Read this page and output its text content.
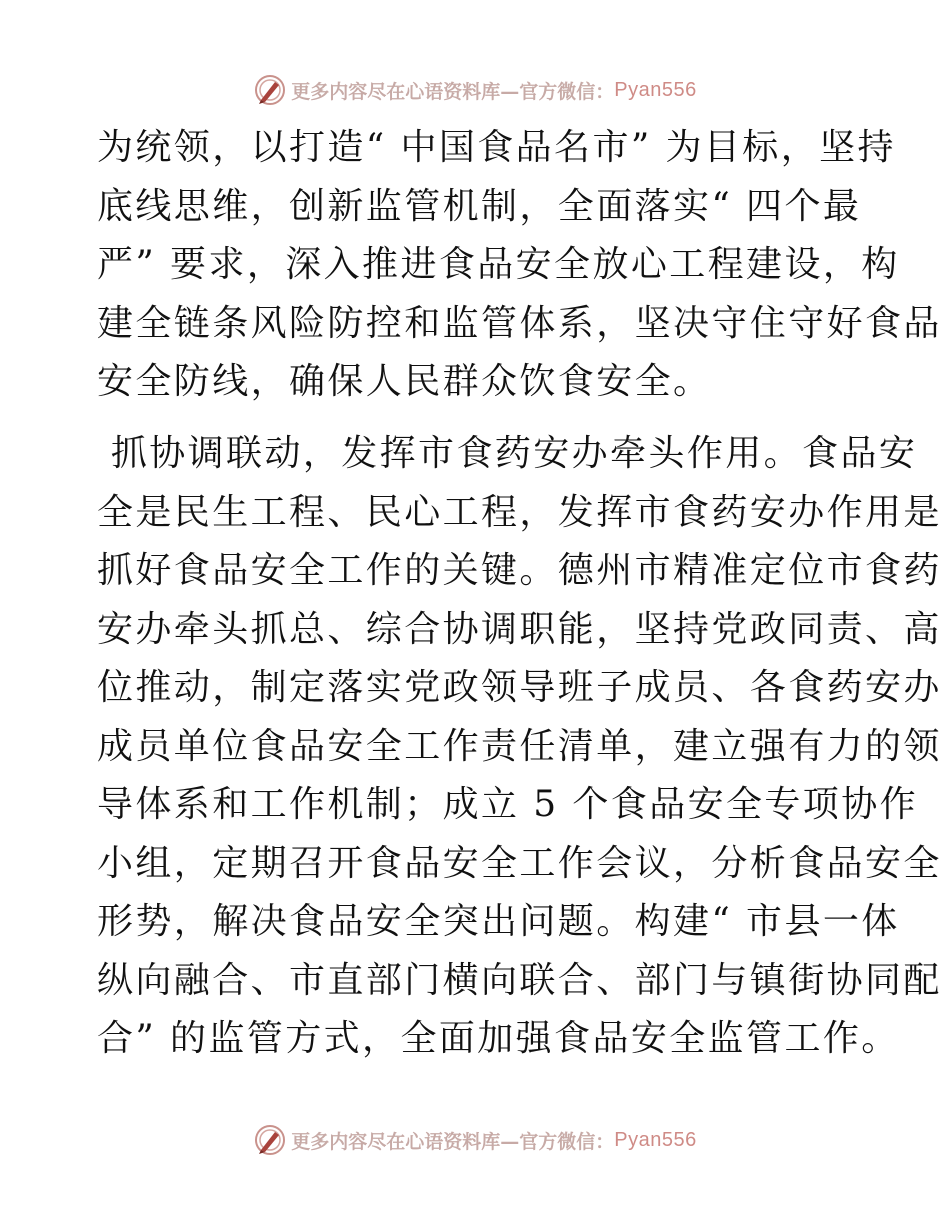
更多内容尽在心语资料库—官方微信： Pyan556
为统领，以打造“ 中国食品名市” 为目标，坚持
底线思维，创新监管机制，全面落实“ 四个最
严” 要求，深入推进食品安全放心工程建设，构
建全链条风险防控和监管体系，坚决守住守好食品
安全防线，确保人民群众饮食安全。
抓协调联动，发挥市食药安办牵头作用。食品安
全是民生工程、民心工程，发挥市食药安办作用是
抓好食品安全工作的关键。德州市精准定位市食药
安办牵头抓总、综合协调职能，坚持党政同责、高
位推动，制定落实党政领导班子成员、各食药安办
成员单位食品安全工作责任清单，建立强有力的领
导体系和工作机制；成立 5 个食品安全专项协作
小组，定期召开食品安全工作会议，分析食品安全
形势，解决食品安全突出问题。构建“ 市县一体
纵向融合、市直部门横向联合、部门与镇街协同配
合” 的监管方式，全面加强食品安全监管工作。
更多内容尽在心语资料库—官方微信： Pyan556
